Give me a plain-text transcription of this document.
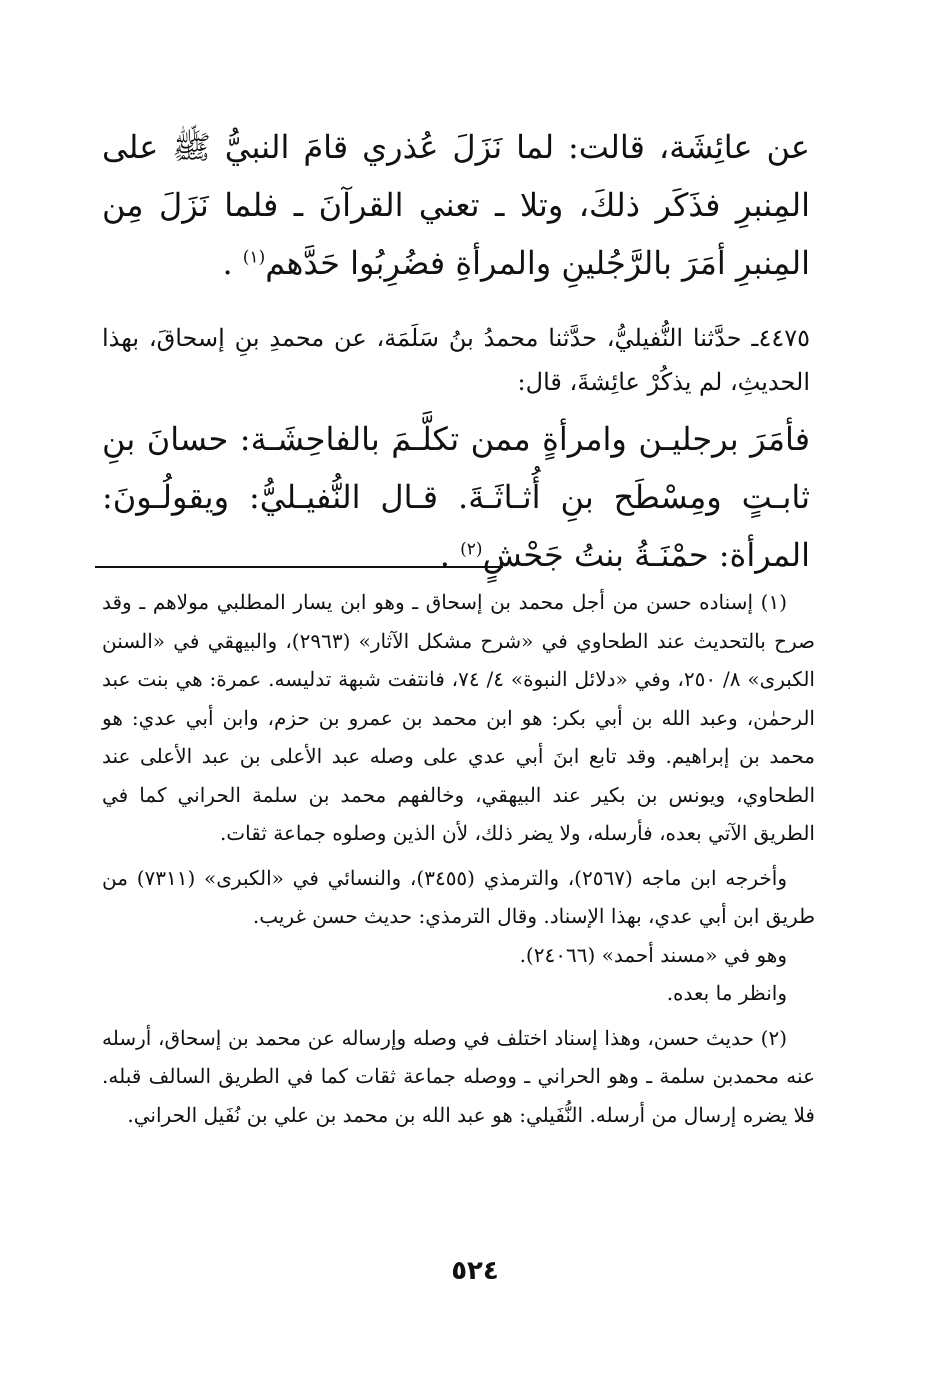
عن عائِشَة، قالت: لما نَزَلَ عُذري قامَ النبيُّ ﷺ على المِنبرِ فذَكَر ذلكَ، وتلا ـ تعني القرآنَ ـ فلما نَزَلَ مِن المِنبرِ أمَرَ بالرَّجُلينِ والمرأةِ فضُرِبُوا حَدَّهم$^{(١)}$ .

٤٤٧٥ـ حدَّثنا النُّفيليُّ، حدَّثنا محمدُ بنُ سَلَمَة، عن محمدِ بنِ إسحاقَ، بهذا الحديثِ، لم يذكُرْ عائِشةَ، قال:

فأمَرَ برجليـن وامرأةٍ ممن تكلَّـمَ بالفاحِشَـة: حسانَ بنِ ثابـتٍ ومِسْطَح بنِ أُثـاثَـةَ. قـال النُّفيـليُّ: ويقولُـونَ: المرأة: حمْنَـةُ بنتُ جَحْشٍ$^{(٢)}$ .

(١) إسناده حسن من أجل محمد بن إسحاق ـ وهو ابن يسار المطلبي مولاهم ـ وقد صرح بالتحديث عند الطحاوي في «شرح مشكل الآثار» (٢٩٦٣)، والبيهقي في «السنن الكبرى» ٨/ ٢٥٠، وفي «دلائل النبوة» ٤/ ٧٤، فانتفت شبهة تدليسه. عمرة: هي بنت عبد الرحمٰن، وعبد الله بن أبي بكر: هو ابن محمد بن عمرو بن حزم، وابن أبي عدي: هو محمد بن إبراهيم. وقد تابع ابنَ أبي عدي على وصله عبد الأعلى بن عبد الأعلى عند الطحاوي، ويونس بن بكير عند البيهقي، وخالفهم محمد بن سلمة الحراني كما في الطريق الآتي بعده، فأرسله، ولا يضر ذلك، لأن الذين وصلوه جماعة ثقات.

وأخرجه ابن ماجه (٢٥٦٧)، والترمذي (٣٤٥٥)، والنسائي في «الكبرى» (٧٣١١) من طريق ابن أبي عدي، بهذا الإسناد. وقال الترمذي: حديث حسن غريب.

وهو في «مسند أحمد» (٢٤٠٦٦).

وانظر ما بعده.

(٢) حديث حسن، وهذا إسناد اختلف في وصله وإرساله عن محمد بن إسحاق، أرسله عنه محمدبن سلمة ـ وهو الحراني ـ ووصله جماعة ثقات كما في الطريق السالف قبله. فلا يضره إرسال من أرسله. النُّفَيلي: هو عبد الله بن محمد بن علي بن نُفَيل الحراني.

٥٢٤
